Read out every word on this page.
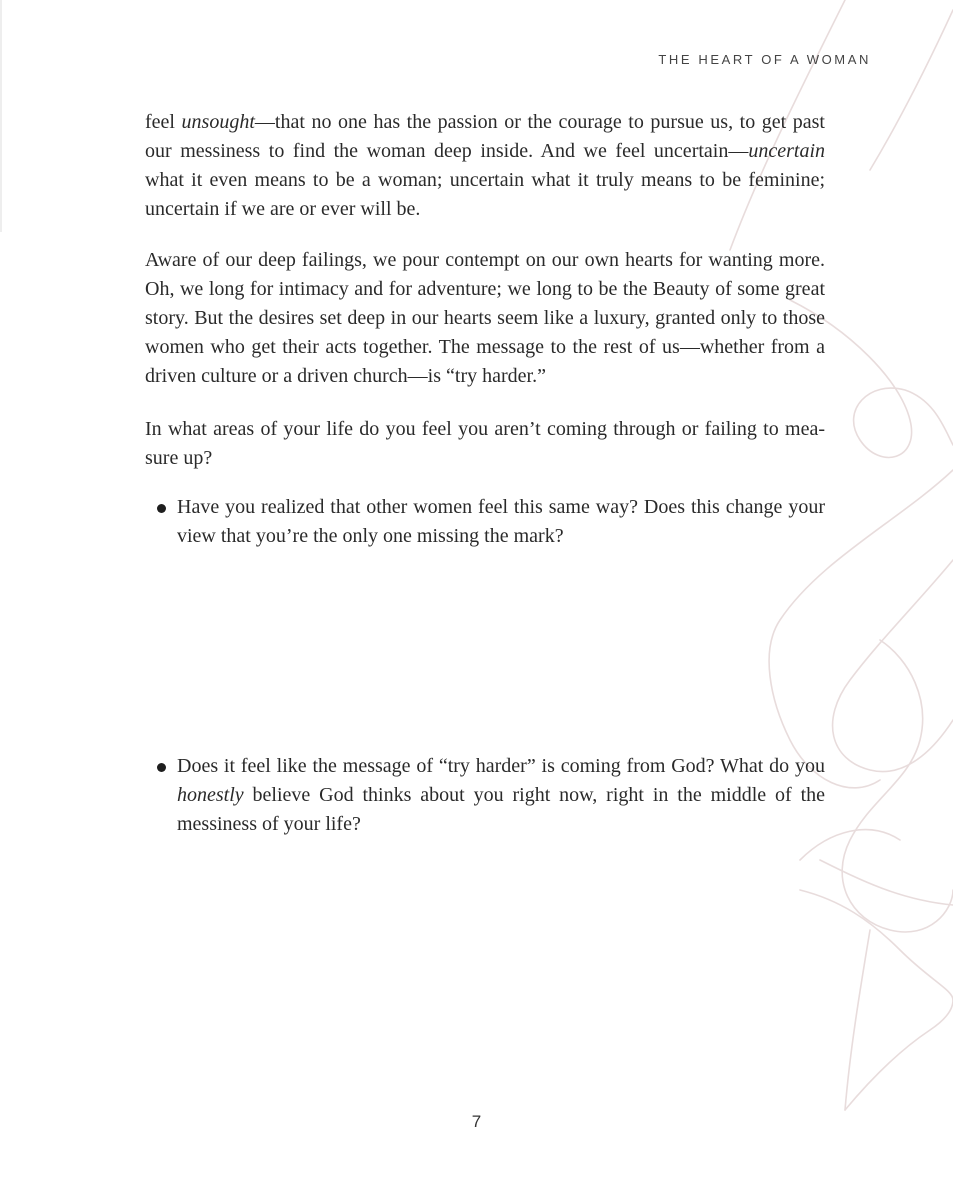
THE HEART OF A WOMAN

feel unsought—that no one has the passion or the courage to pursue us, to get past our messiness to find the woman deep inside. And we feel uncertain—uncertain what it even means to be a woman; uncertain what it truly means to be feminine; uncertain if we are or ever will be.

Aware of our deep failings, we pour contempt on our own hearts for wanting more. Oh, we long for intimacy and for adventure; we long to be the Beauty of some great story. But the desires set deep in our hearts seem like a luxury, granted only to those women who get their acts together. The message to the rest of us—whether from a driven culture or a driven church—is “try harder.”

In what areas of your life do you feel you aren’t coming through or failing to mea-sure up?

Have you realized that other women feel this same way? Does this change your view that you’re the only one missing the mark?
Does it feel like the message of “try harder” is coming from God? What do you honestly believe God thinks about you right now, right in the middle of the messiness of your life?
7
